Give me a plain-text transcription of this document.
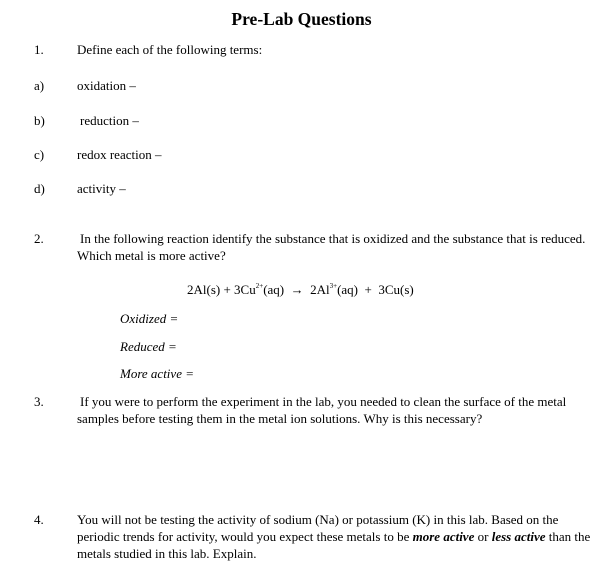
Pre-Lab Questions
1.	Define each of the following terms:
a)	oxidation –
b)	reduction –
c)	redox reaction –
d) activity –
2.	In the following reaction identify the substance that is oxidized and the substance that is reduced. Which metal is more active?
$2Al(s) + 3Cu^{2+}(aq) \to 2Al^{3+}(aq) + 3Cu(s)$
Oxidized =
Reduced =
More active =
3.	If you were to perform the experiment in the lab, you needed to clean the surface of the metal samples before testing them in the metal ion solutions. Why is this necessary?
4.	You will not be testing the activity of sodium (Na) or potassium (K) in this lab. Based on the periodic trends for activity, would you expect these metals to be more active or less active than the metals studied in this lab. Explain.
